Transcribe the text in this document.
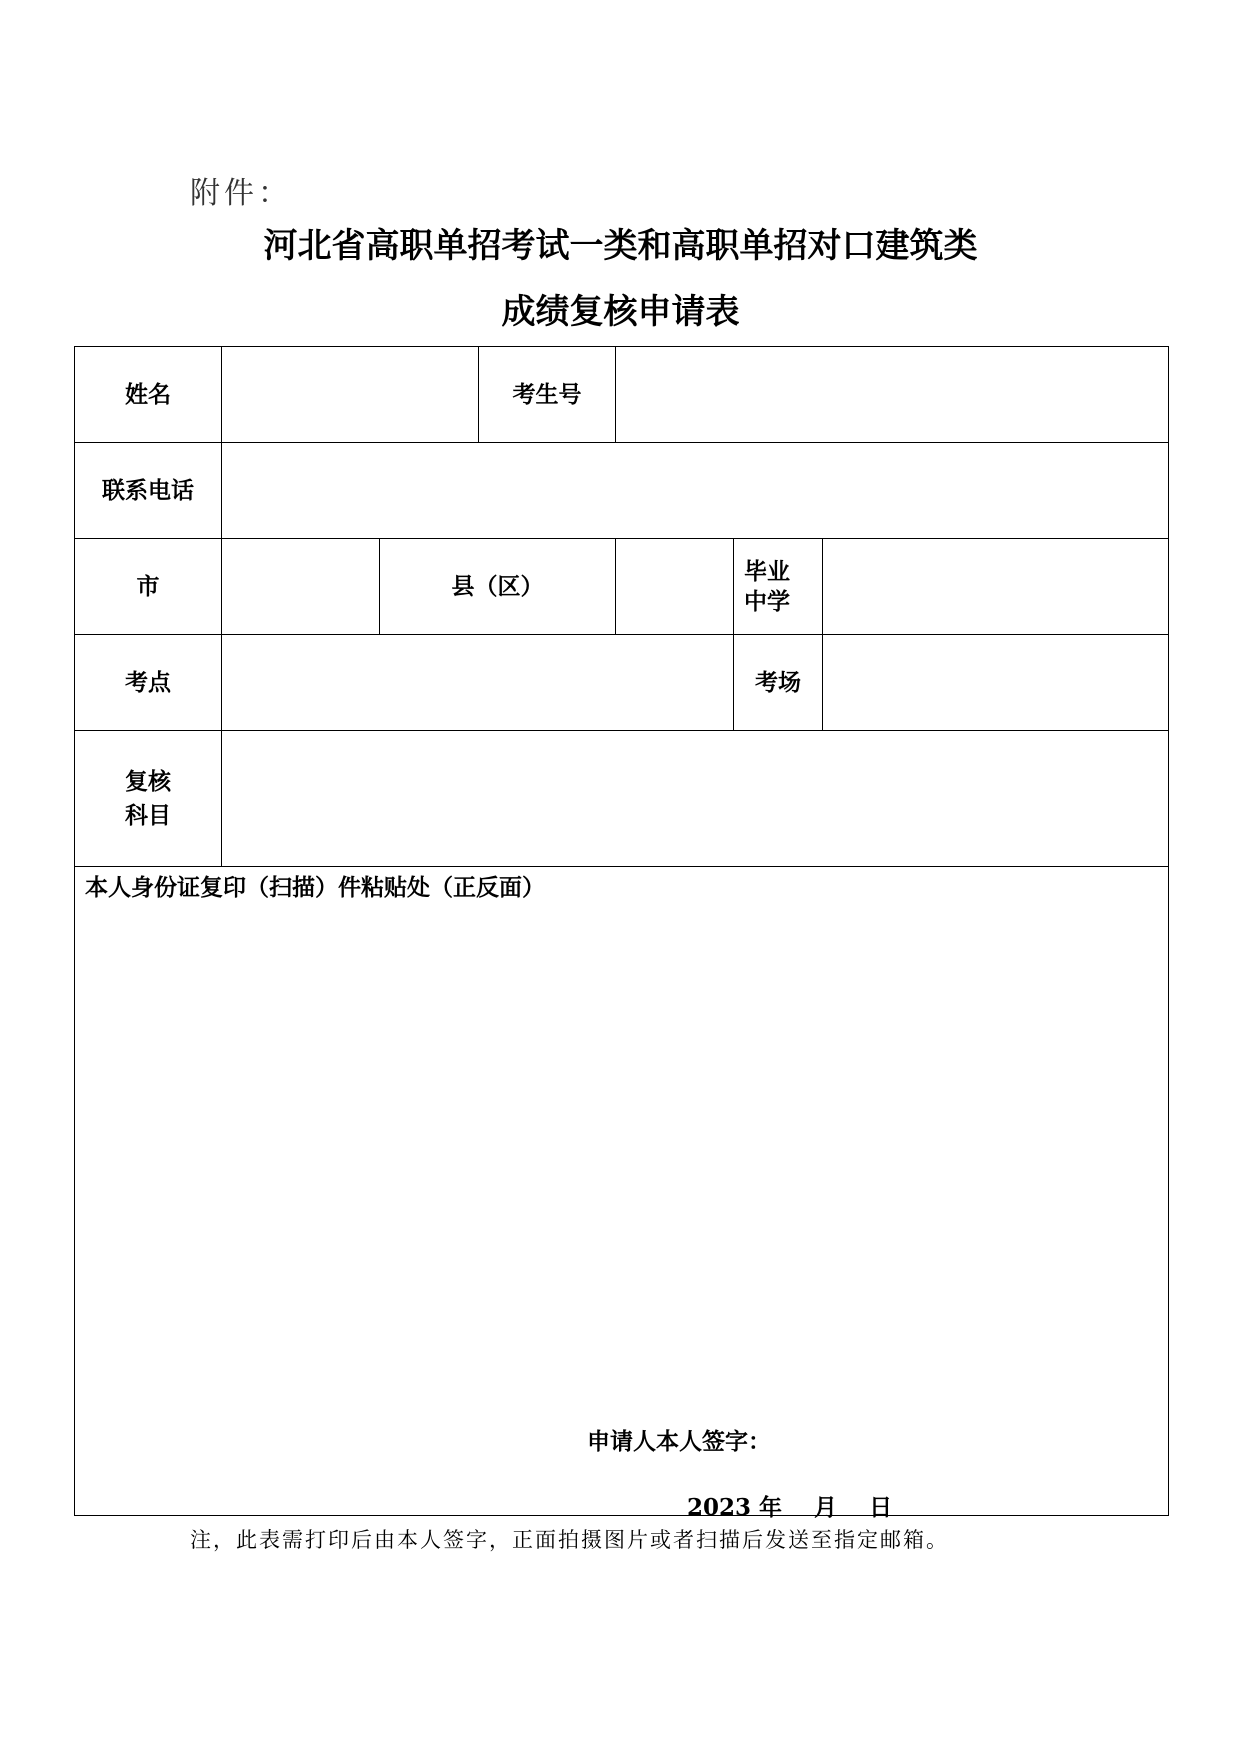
附件：
河北省高职单招考试一类和高职单招对口建筑类
成绩复核申请表
姓名			考生号			
联系电话						
市		县（区）			毕业
中学	

考点					考场	

复核
科目						

本人身份证复印（扫描）件粘贴处（正反面）
申请人本人签字：
2023 年    月    日						
注，此表需打印后由本人签字，正面拍摄图片或者扫描后发送至指定邮箱。
